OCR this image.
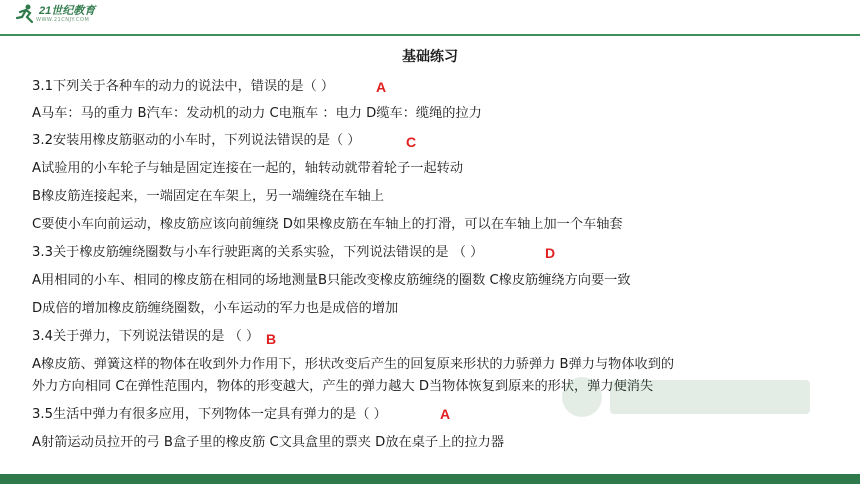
21世纪教育
WWW.21CNJY.COM
基础练习
3.1下列关于各种车的动力的说法中，错误的是（ ）
A马车：马的重力 B汽车：发动机的动力 C电瓶车 ：电力 D缆车：缆绳的拉力
3.2安装用橡皮筋驱动的小车时，下列说法错误的是（ ）
A试验用的小车轮子与轴是固定连接在一起的，轴转动就带着轮子一起转动
B橡皮筋连接起来，一端固定在车架上，另一端缠绕在车轴上
C要使小车向前运动，橡皮筋应该向前缠绕 D如果橡皮筋在车轴上的打滑，可以在车轴上加一个车轴套
3.3关于橡皮筋缠绕圈数与小车行驶距离的关系实验，下列说法错误的是 （ ）
A用相同的小车、相同的橡皮筋在相同的场地测量B只能改变橡皮筋缠绕的圈数 C橡皮筋缠绕方向要一致
D成倍的增加橡皮筋缠绕圈数，小车运动的军力也是成倍的增加
3.4关于弹力，下列说法错误的是 （ ）
A橡皮筋、弹簧这样的物体在收到外力作用下，形状改变后产生的回复原来形状的力骄弹力 B弹力与物体收到的
外力方向相同 C在弹性范围内，物体的形变越大，产生的弹力越大 D当物体恢复到原来的形状，弹力便消失
3.5生活中弹力有很多应用，下列物体一定具有弹力的是（ ）
A射箭运动员拉开的弓 B盒子里的橡皮筋 C文具盒里的票夹 D放在桌子上的拉力器
A
C
D
B
A
